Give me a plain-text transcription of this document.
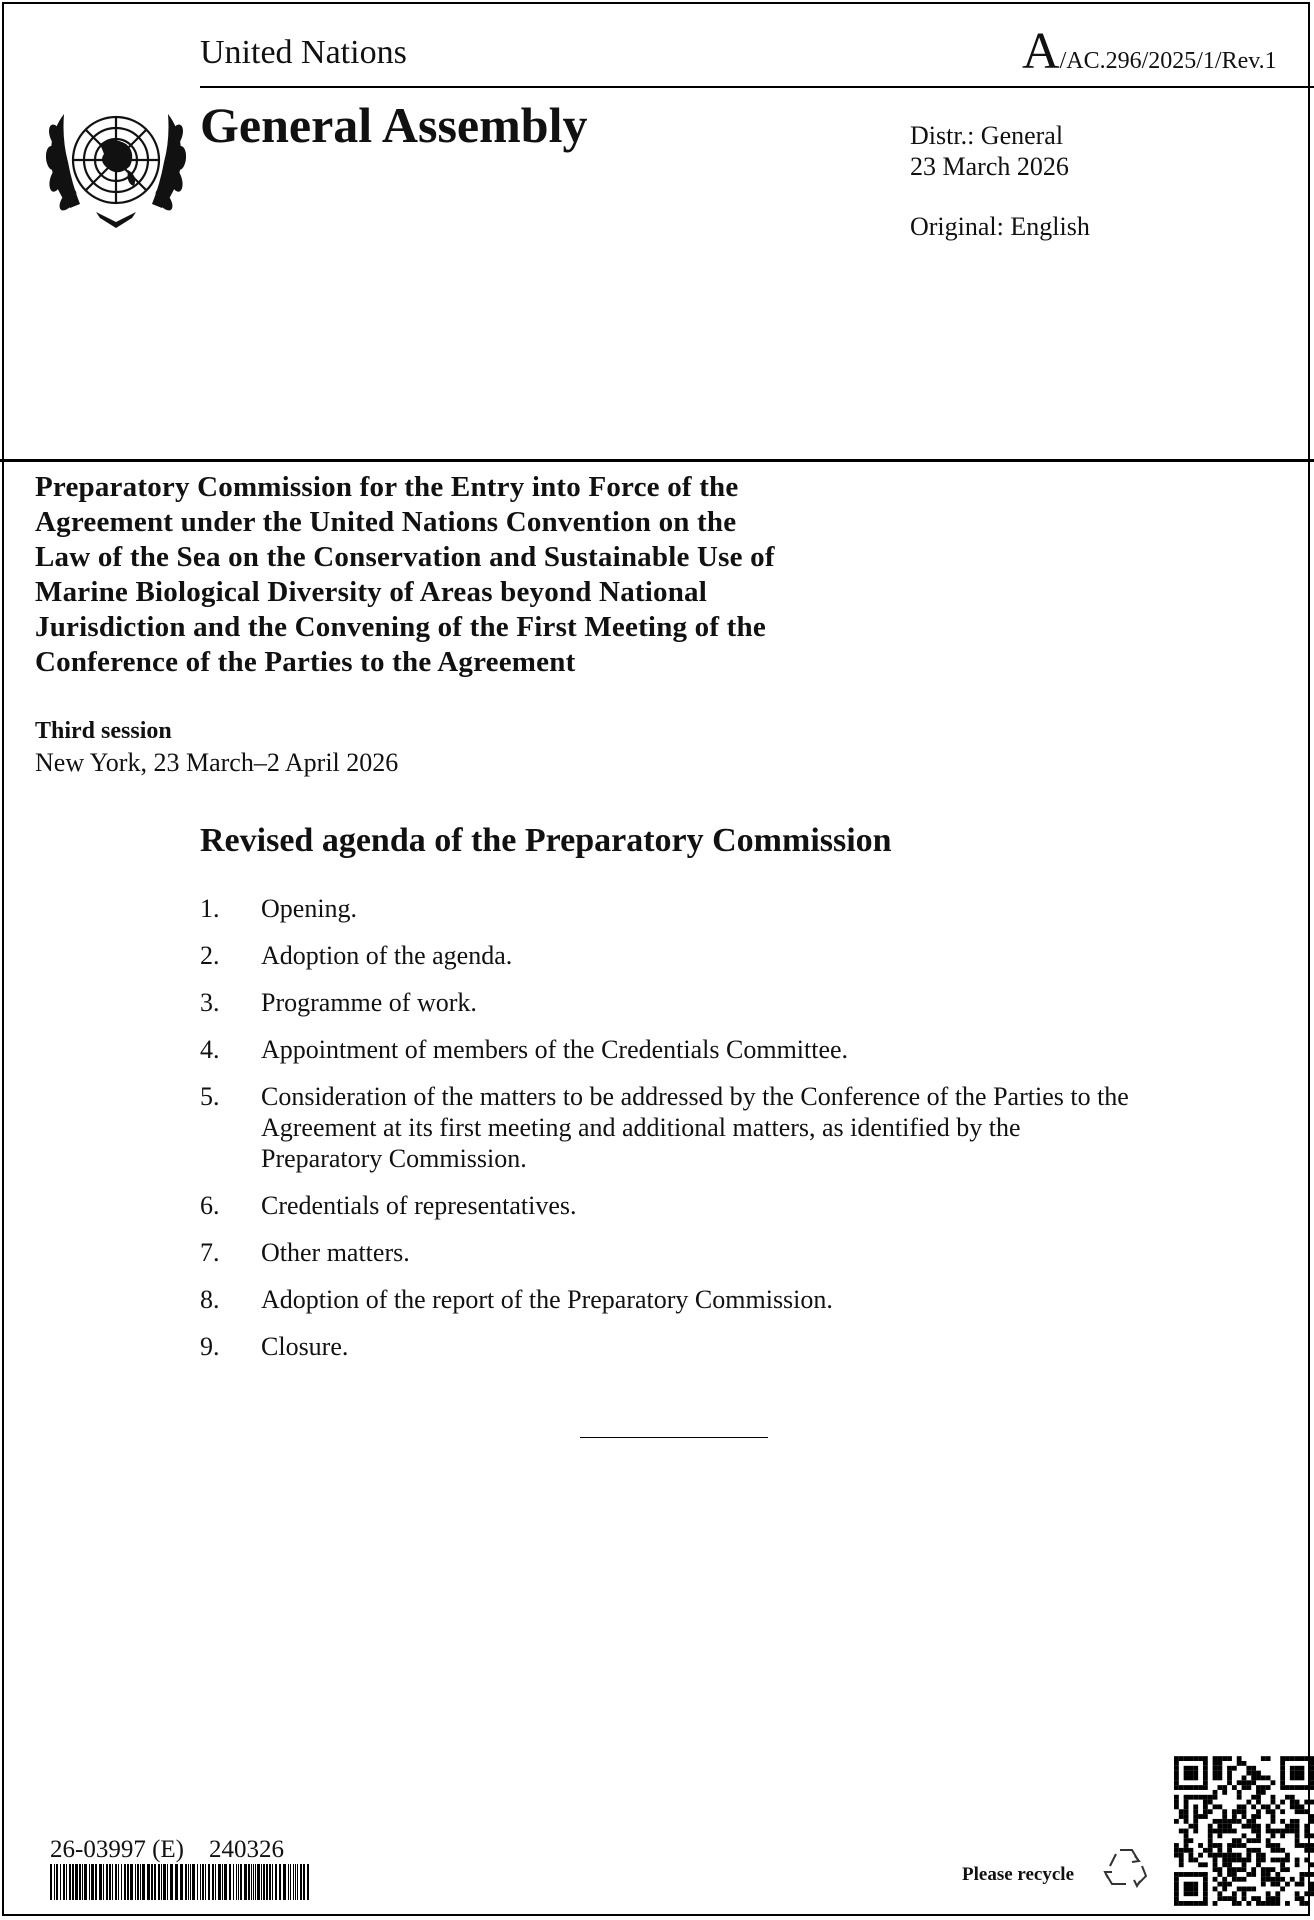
United Nations	A/AC.296/2025/1/Rev.1
General Assembly	Distr.: General
23 March 2026
Original: English
Preparatory Commission for the Entry into Force of the Agreement under the United Nations Convention on the Law of the Sea on the Conservation and Sustainable Use of Marine Biological Diversity of Areas beyond National Jurisdiction and the Convening of the First Meeting of the Conference of the Parties to the Agreement
Third session
New York, 23 March–2 April 2026
Revised agenda of the Preparatory Commission
1.	Opening.
2.	Adoption of the agenda.
3.	Programme of work.
4.	Appointment of members of the Credentials Committee.
5.	Consideration of the matters to be addressed by the Conference of the Parties to the Agreement at its first meeting and additional matters, as identified by the Preparatory Commission.
6.	Credentials of representatives.
7.	Other matters.
8.	Adoption of the report of the Preparatory Commission.
9.	Closure.
26-03997 (E)    240326
Please recycle
